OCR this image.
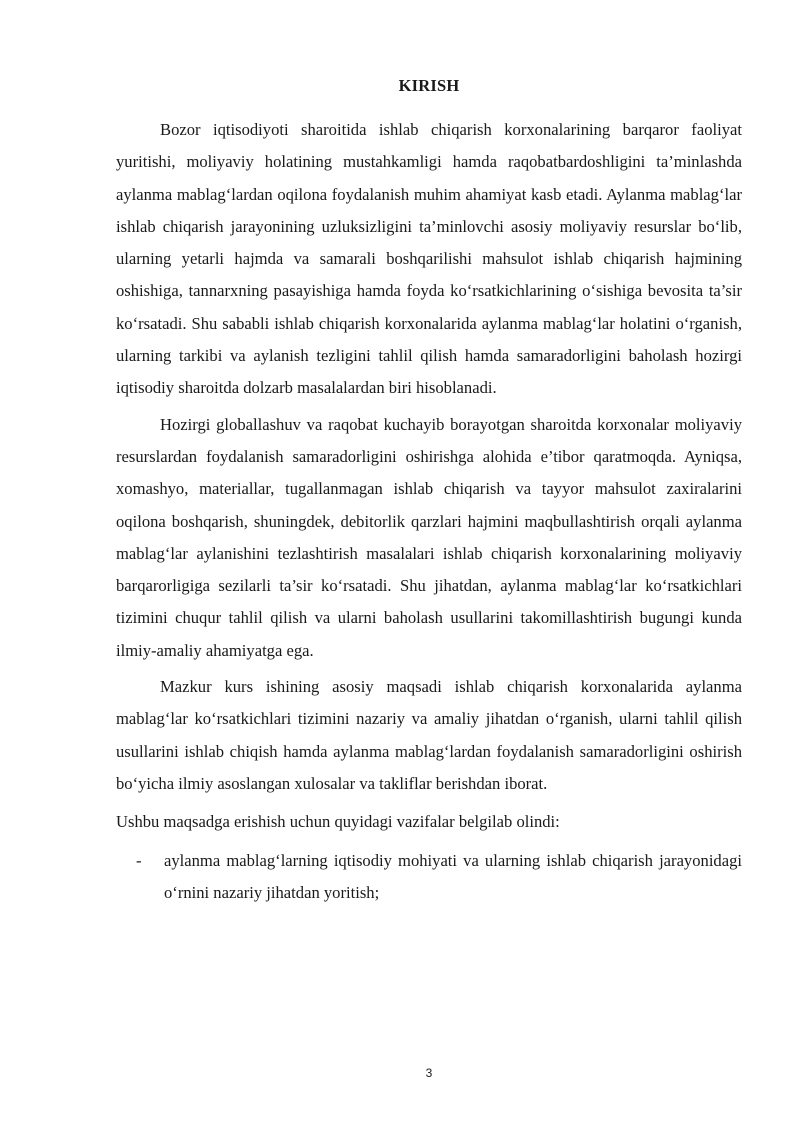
KIRISH

Bozor iqtisodiyoti sharoitida ishlab chiqarish korxonalarining barqaror faoliyat yuritishi, moliyaviy holatining mustahkamligi hamda raqobatbardoshligini ta’minlashda aylanma mablag‘lardan oqilona foydalanish muhim ahamiyat kasb etadi. Aylanma mablag‘lar ishlab chiqarish jarayonining uzluksizligini ta’minlovchi asosiy moliyaviy resurslar bo‘lib, ularning yetarli hajmda va samarali boshqarilishi mahsulot ishlab chiqarish hajmining oshishiga, tannarxning pasayishiga hamda foyda ko‘rsatkichlarining o‘sishiga bevosita ta’sir ko‘rsatadi. Shu sababli ishlab chiqarish korxonalarida aylanma mablag‘lar holatini o‘rganish, ularning tarkibi va aylanish tezligini tahlil qilish hamda samaradorligini baholash hozirgi iqtisodiy sharoitda dolzarb masalalardan biri hisoblanadi.

Hozirgi globallashuv va raqobat kuchayib borayotgan sharoitda korxonalar moliyaviy resurslardan foydalanish samaradorligini oshirishga alohida e’tibor qaratmoqda. Ayniqsa, xomashyo, materiallar, tugallanmagan ishlab chiqarish va tayyor mahsulot zaxiralarini oqilona boshqarish, shuningdek, debitorlik qarzlari hajmini maqbullashtirish orqali aylanma mablag‘lar aylanishini tezlashtirish masalalari ishlab chiqarish korxonalarining moliyaviy barqarorligiga sezilarli ta’sir ko‘rsatadi. Shu jihatdan, aylanma mablag‘lar ko‘rsatkichlari tizimini chuqur tahlil qilish va ularni baholash usullarini takomillashtirish bugungi kunda ilmiy-amaliy ahamiyatga ega.

Mazkur kurs ishining asosiy maqsadi ishlab chiqarish korxonalarida aylanma mablag‘lar ko‘rsatkichlari tizimini nazariy va amaliy jihatdan o‘rganish, ularni tahlil qilish usullarini ishlab chiqish hamda aylanma mablag‘lardan foydalanish samaradorligini oshirish bo‘yicha ilmiy asoslangan xulosalar va takliflar berishdan iborat.

Ushbu maqsadga erishish uchun quyidagi vazifalar belgilab olindi:

- aylanma mablag‘larning iqtisodiy mohiyati va ularning ishlab chiqarish jarayonidagi o‘rnini nazariy jihatdan yoritish;
3
